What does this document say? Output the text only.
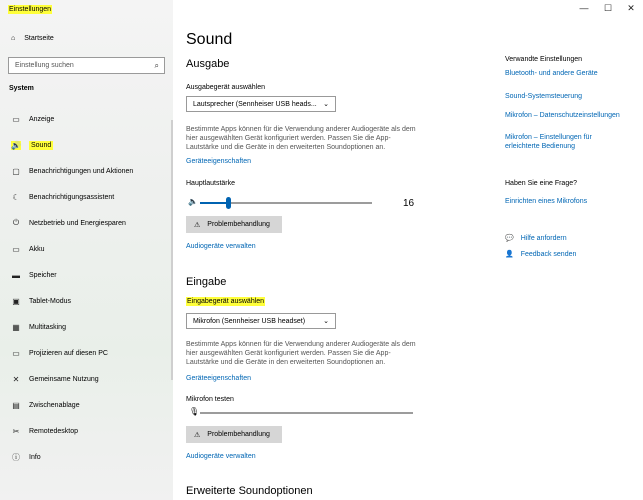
⌂ Startseite
Einstellung suchen	⌕
System
▭ Anzeige
🔊 Sound
▢ Benachrichtigungen und Aktionen
☾ Benachrichtigungsassistent
⏻ Netzbetrieb und Energiesparen
▭ Akku
▬ Speicher
▣ Tablet-Modus
▦ Multitasking
▭ Projizieren auf diesen PC
✕ Gemeinsame Nutzung
▤ Zwischenablage
✂ Remotedesktop
ⓘ Info
Einstellungen	—	☐	✕
Sound
Ausgabe
Ausgabegerät auswählen
Lautsprecher (Sennheiser USB heads... ⌄
Bestimmte Apps können für die Verwendung anderer Audiogeräte als dem hier ausgewählten Gerät konfiguriert werden. Passen Sie die App-Lautstärke und die Geräte in den erweiterten Soundoptionen an.
Geräteeigenschaften
Hauptlautstärke
🔈	16
⚠ Problembehandlung
Audiogeräte verwalten
Eingabe
Eingabegerät auswählen
Mikrofon (Sennheiser USB headset)	⌄
Bestimmte Apps können für die Verwendung anderer Audiogeräte als dem hier ausgewählten Gerät konfiguriert werden. Passen Sie die App-Lautstärke und die Geräte in den erweiterten Soundoptionen an.
Geräteeigenschaften
Mikrofon testen
🎙
⚠ Problembehandlung
Audiogeräte verwalten
Erweiterte Soundoptionen
Verwandte Einstellungen
Bluetooth- und andere Geräte
Sound-Systemsteuerung
Mikrofon – Datenschutzeinstellungen
Mikrofon – Einstellungen für erleichterte Bedienung
Haben Sie eine Frage?
Einrichten eines Mikrofons
💬 Hilfe anfordern
👤 Feedback senden
